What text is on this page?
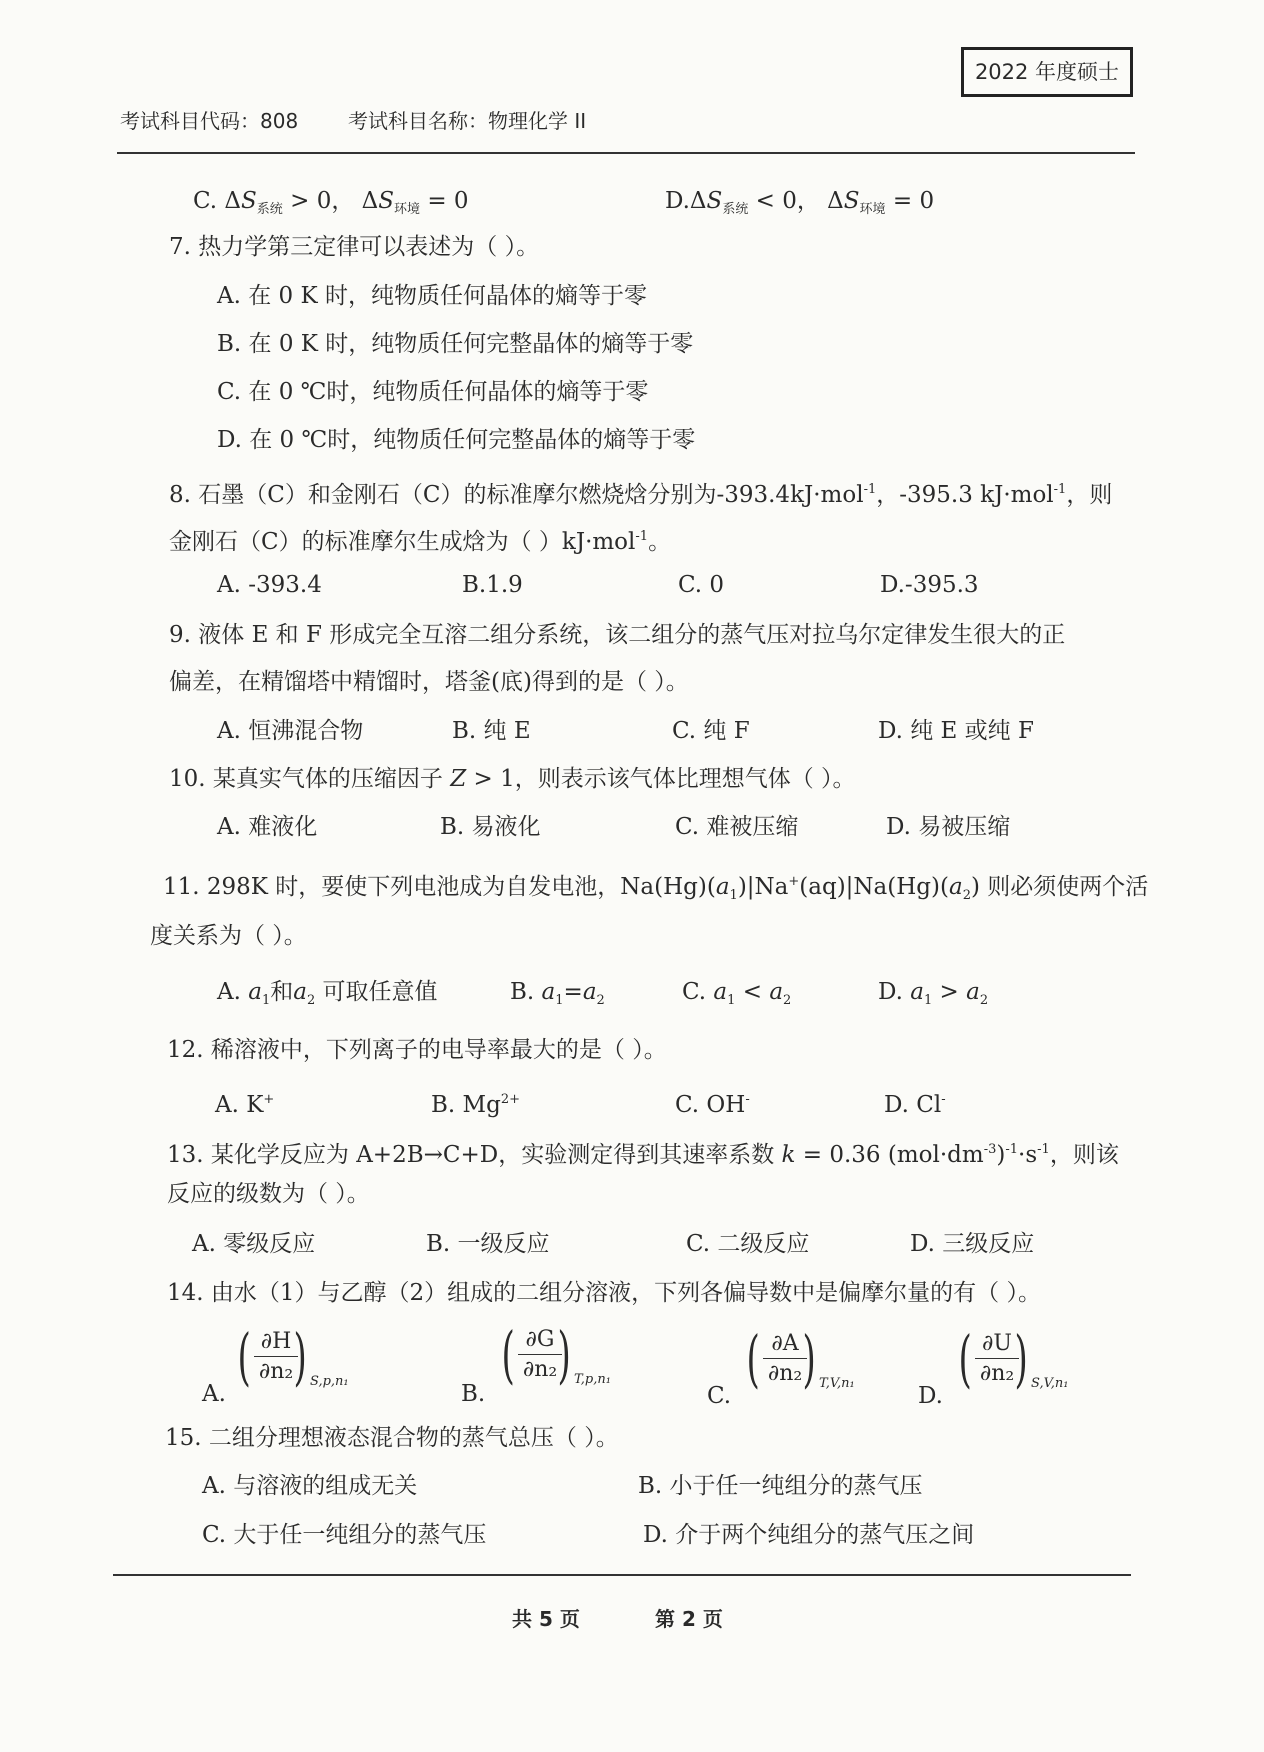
2022 年度硕士
考试科目代码：808 考试科目名称：物理化学 II
C. $\Delta S_{系统} > 0$， $\Delta S_{环境} = 0$	$D.\Delta S_{系统} < 0$， $\Delta S_{环境} = 0$
7. 热力学第三定律可以表述为（ ）。
A. 在 0 K 时，纯物质任何晶体的熵等于零
B. 在 0 K 时，纯物质任何完整晶体的熵等于零
C. 在 0 ℃时，纯物质任何晶体的熵等于零
D. 在 0 ℃时，纯物质任何完整晶体的熵等于零
8. 石墨（C）和金刚石（C）的标准摩尔燃烧焓分别为-393.4kJ·mol$^{-1}$，-395.3 kJ·mol$^{-1}$，则
金刚石（C）的标准摩尔生成焓为（ ）kJ·mol$^{-1}$。
A. -393.4	B.1.9	C. 0	D.-395.3
9. 液体 E 和 F 形成完全互溶二组分系统，该二组分的蒸气压对拉乌尔定律发生很大的正
偏差，在精馏塔中精馏时，塔釜(底)得到的是（ ）。
A. 恒沸混合物	B. 纯 E	C. 纯 F	D. 纯 E 或纯 F
10. 某真实气体的压缩因子 Z > 1，则表示该气体比理想气体（ ）。
A. 难液化	B. 易液化	C. 难被压缩	D. 易被压缩
11. 298K 时，要使下列电池成为自发电池，$Na(Hg)(a_1)|Na^+(aq)|Na(Hg)(a_2)$ 则必须使两个活
度关系为（ ）。
A. $a_1$和$a_2$ 可取任意值	B. $a_1=a_2$	C. $a_1 < a_2$	D. $a_1 > a_2$
12. 稀溶液中，下列离子的电导率最大的是（ ）。
A. K+	B. $Mg^{2+}$	C. OH-	D. Cl-
13. 某化学反应为 A+2B→C+D，实验测定得到其速率系数 k = 0.36 $(mol\cdot dm^{-3})^{-1}\cdot s^{-1}$，则该
反应的级数为（ ）。
A. 零级反应	B. 一级反应	C. 二级反应	D. 三级反应
14. 由水（1）与乙醇（2）组成的二组分溶液，下列各偏导数中是偏摩尔量的有（ ）。
A.
( $\frac{\partial H}{\text{∂n₂}}$
) S,p,n₁	B.
( $\frac{\partial G}{\text{∂n₂}}$
) T,p,n₁
C.
( $\frac{\partial A}{\text{∂n₂}}$
) T,V,n₁	D.
( $\frac{\partial U}{\text{∂n₂}}$
) S,V,n₁
15. 二组分理想液态混合物的蒸气总压（ ）。
A. 与溶液的组成无关	B. 小于任一纯组分的蒸气压
C. 大于任一纯组分的蒸气压	D. 介于两个纯组分的蒸气压之间
共 5 页	第 2 页
